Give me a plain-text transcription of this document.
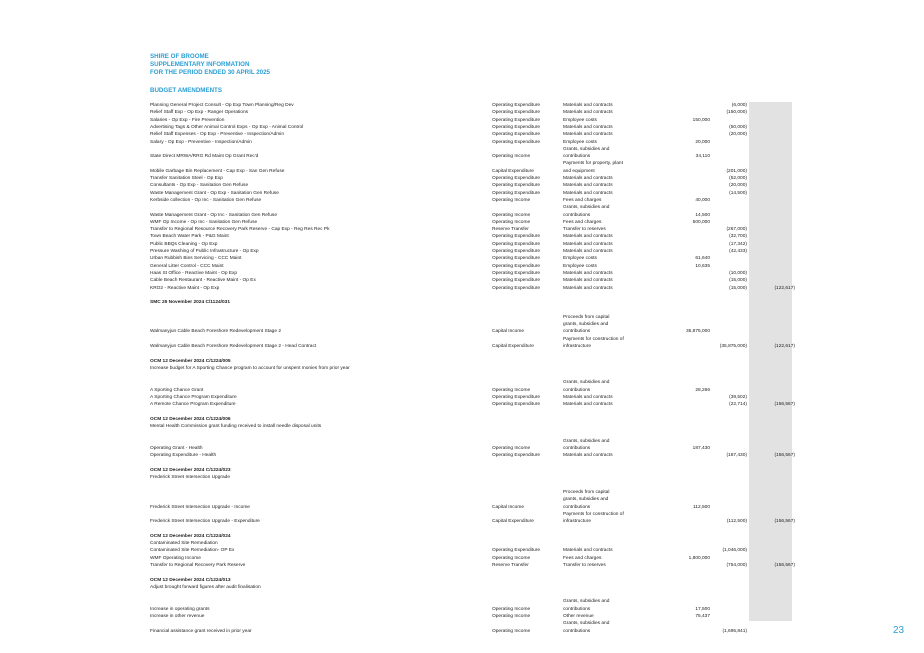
SHIRE OF BROOME
SUPPLEMENTARY INFORMATION
FOR THE PERIOD ENDED 30 APRIL 2025
BUDGET AMENDMENTS
Planning General Project Consult - Op Exp Town Planning/Reg Dev	Operating Expenditure	Materials and contracts	(6,000)
Relief Staff Exp - Op Exp - Ranger Operations	Operating Expenditure	Materials and contracts	(150,000)
Salaries - Op Exp - Fire Prevention	Operating Expenditure	Employee costs	150,000
Advertising Tags & Other Animal Control Exps - Op Exp - Animal Control	Operating Expenditure	Materials and contracts	(50,000)
Relief Staff Expenses - Op Exp - Preventive - Inspection/Admin	Operating Expenditure	Materials and contracts	(20,000)
Salary - Op Exp - Preventive - Inspection/Admin	Operating Expenditure	Employee costs	20,000
Grants, subsidies and
State Direct MRWA/RRG Rd Maint Op Grant Rec'd	Operating Income	contributions	34,110
Payments for property, plant
Mobile Garbage Bin Replacement - Cap Exp - San Gen Refuse	Capital Expenditure	and equipment	(201,000)
Transfer Sanitation Steel - Op Exp	Operating Expenditure	Materials and contracts	(52,000)
Consultants - Op Exp - Sanitation Gen Refuse	Operating Expenditure	Materials and contracts	(20,000)
Waste Management Grant - Op Exp - Sanitation Gen Refuse	Operating Expenditure	Materials and contracts	(14,500)
Kerbside collection - Op Inc - Sanitation Gen Refuse	Operating Income	Fees and charges	40,000
Grants, subsidies and
Waste Management Grant - Op Inc - Sanitation Gen Refuse	Operating Income	contributions	14,500
WMF Op Income - Op Inc - Sanitation Gen Refuse	Operating Income	Fees and charges	500,000
Transfer to Regional Resource Recovery Park Reserve - Cap Exp - Reg Res Rec Pk	Reserve Transfer	Transfer to reserves	(267,000)
Town Beach Water Park - P&G Maint	Operating Expenditure	Materials and contracts	(32,700)
Public BBQs Cleaning - Op Exp	Operating Expenditure	Materials and contracts	(17,342)
Pressure Washing of Public Infrastructure - Op Exp	Operating Expenditure	Materials and contracts	(42,433)
Urban Rubbish Bins Servicing - CCC Maint	Operating Expenditure	Employee costs	61,640
General Litter Control - CCC Maint	Operating Expenditure	Employee costs	10,635
Haas St Office - Reactive Maint - Op Exp	Operating Expenditure	Materials and contracts	(10,000)
Cable Beach Restaurant - Reactive Maint - Op Ex	Operating Expenditure	Materials and contracts	(15,000)
KRO2 - Reactive Maint - Op Exp	Operating Expenditure	Materials and contracts	(15,000)	(122,617)
SMC 25 November 2024 C/1124/031
Proceeds from capital
grants, subsidies and
Walmanyjun Cable Beach Foreshore Redevelopment Stage 2	Capital Income	contributions	35,875,000
Payments for construction of
Walmanyjun Cable Beach Foreshore Redevelopment Stage 2 - Head Contract	Capital Expenditure	infrastructure	(35,875,000)	(122,617)
OCM 12 December 2024 C/1224/005
Increase budget for A Sporting Chance program to account for unspent monies from prior year
Grants, subsidies and
A Sporting Chance Grant	Operating Income	contributions	28,266
A Sporting Chance Program Expenditure	Operating Expenditure	Materials and contracts	(39,502)
A Remote Chance Program Expenditure	Operating Expenditure	Materials and contracts	(22,714)	(156,567)
OCM 12 December 2024 C/1224/006
Mental Health Commission grant funding received to install needle disposal units
Grants, subsidies and
Operating Grant - Health	Operating Income	contributions	187,430
Operating Expenditure - Health	Operating Expenditure	Materials and contracts	(187,430)	(156,567)
OCM 12 December 2024 C/1224/023
Frederick Street Intersection Upgrade
Proceeds from capital
grants, subsidies and
Frederick Street Intersection Upgrade - Income	Capital Income	contributions	112,500
Payments for construction of
Frederick Street Intersection Upgrade - Expenditure	Capital Expenditure	infrastructure	(112,500)	(156,567)
OCM 12 December 2024 C/1224/024
Contaminated Site Remediation
Contaminated Site Remediation- OP Ex	Operating Expenditure	Materials and contracts	(1,046,000)
WMF Operating Income	Operating Income	Fees and charges	1,800,000
Transfer to Regional Recovery Park Reserve	Reserve Transfer	Transfer to reserves	(754,000)	(156,567)
OCM 12 December 2024 C/1224/013
Adjust brought forward figures after audit finalisation
Grants, subsidies and
Increase in operating grants	Operating Income	contributions	17,500
Increase in other revenue	Operating Income	Other revenue	75,437
Grants, subsidies and
Financial assistance grant received in prior year	Operating Income	contributions	(1,695,841)	23
